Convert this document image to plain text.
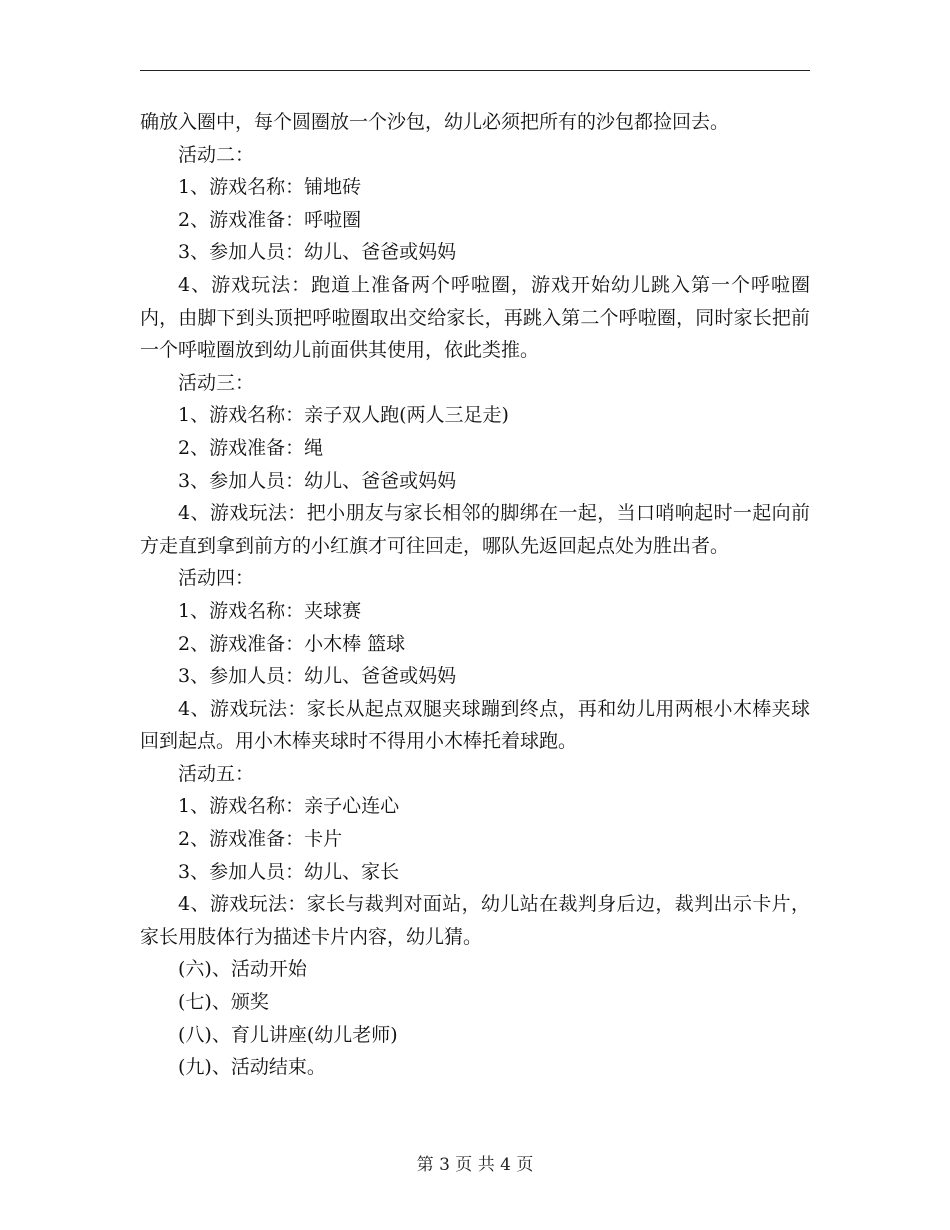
确放入圈中，每个圆圈放一个沙包，幼儿必须把所有的沙包都捡回去。

活动二：

1、游戏名称：铺地砖

2、游戏准备：呼啦圈

3、参加人员：幼儿、爸爸或妈妈

4、游戏玩法：跑道上准备两个呼啦圈，游戏开始幼儿跳入第一个呼啦圈内，由脚下到头顶把呼啦圈取出交给家长，再跳入第二个呼啦圈，同时家长把前一个呼啦圈放到幼儿前面供其使用，依此类推。

活动三：

1、游戏名称：亲子双人跑(两人三足走)

2、游戏准备：绳

3、参加人员：幼儿、爸爸或妈妈

4、游戏玩法：把小朋友与家长相邻的脚绑在一起，当口哨响起时一起向前方走直到拿到前方的小红旗才可往回走，哪队先返回起点处为胜出者。

活动四：

1、游戏名称：夹球赛

2、游戏准备：小木棒 篮球

3、参加人员：幼儿、爸爸或妈妈

4、游戏玩法：家长从起点双腿夹球蹦到终点，再和幼儿用两根小木棒夹球回到起点。用小木棒夹球时不得用小木棒托着球跑。

活动五：

1、游戏名称：亲子心连心

2、游戏准备：卡片

3、参加人员：幼儿、家长

4、游戏玩法：家长与裁判对面站，幼儿站在裁判身后边，裁判出示卡片，家长用肢体行为描述卡片内容，幼儿猜。

(六)、活动开始

(七)、颁奖

(八)、育儿讲座(幼儿老师)

(九)、活动结束。

第 3 页 共 4 页
